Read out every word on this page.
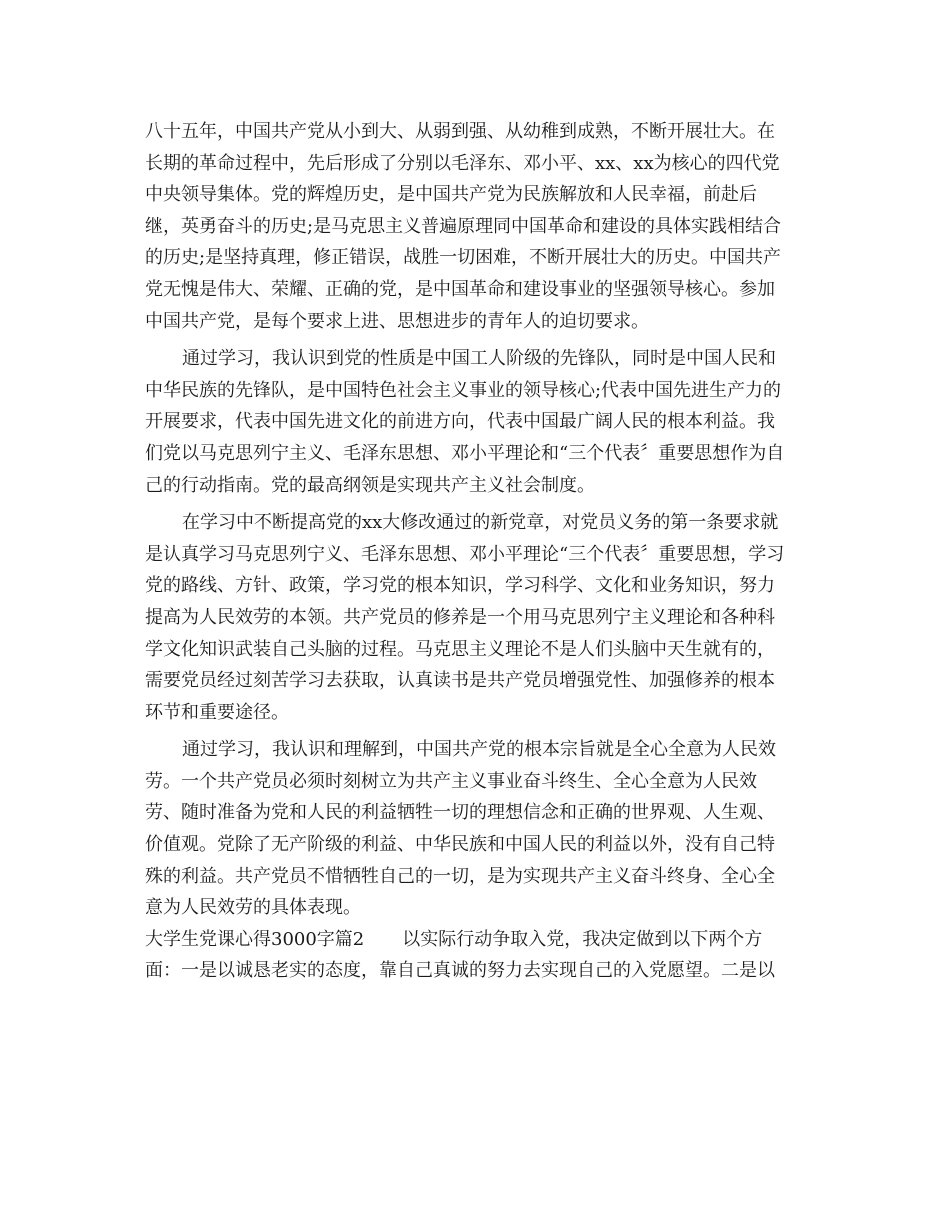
八十五年，中国共产党从小到大、从弱到强、从幼稚到成熟，不断开展壮大。在
长期的革命过程中，先后形成了分别以毛泽东、邓小平、xx、xx为核心的四代党
中央领导集体。党的辉煌历史，是中国共产党为民族解放和人民幸福，前赴后
继，英勇奋斗的历史;是马克思主义普遍原理同中国革命和建设的具体实践相结合
的历史;是坚持真理，修正错误，战胜一切困难，不断开展壮大的历史。中国共产
党无愧是伟大、荣耀、正确的党，是中国革命和建设事业的坚强领导核心。参加
中国共产党，是每个要求上进、思想进步的青年人的迫切要求。
通过学习，我认识到党的性质是中国工人阶级的先锋队，同时是中国人民和
中华民族的先锋队，是中国特色社会主义事业的领导核心;代表中国先进生产力的
开展要求，代表中国先进文化的前进方向，代表中国最广阔人民的根本利益。我
们党以马克思列宁主义、毛泽东思想、邓小平理论和“三个代表〞重要思想作为自
己的行动指南。党的最高纲领是实现共产主义社会制度。
在学习中不断提高党的xx大修改通过的新党章，对党员义务的第一条要求就
是认真学习马克思列宁义、毛泽东思想、邓小平理论“三个代表〞重要思想，学习
党的路线、方针、政策，学习党的根本知识，学习科学、文化和业务知识，努力
提高为人民效劳的本领。共产党员的修养是一个用马克思列宁主义理论和各种科
学文化知识武装自己头脑的过程。马克思主义理论不是人们头脑中天生就有的，
需要党员经过刻苦学习去获取，认真读书是共产党员增强党性、加强修养的根本
环节和重要途径。
通过学习，我认识和理解到，中国共产党的根本宗旨就是全心全意为人民效
劳。一个共产党员必须时刻树立为共产主义事业奋斗终生、全心全意为人民效
劳、随时准备为党和人民的利益牺牲一切的理想信念和正确的世界观、人生观、
价值观。党除了无产阶级的利益、中华民族和中国人民的利益以外，没有自己特
殊的利益。共产党员不惜牺牲自己的一切，是为实现共产主义奋斗终身、全心全
意为人民效劳的具体表现。
大学生党课心得3000字篇2 以实际行动争取入党，我决定做到以下两个方
面：一是以诚恳老实的态度，靠自己真诚的努力去实现自己的入党愿望。二是以
